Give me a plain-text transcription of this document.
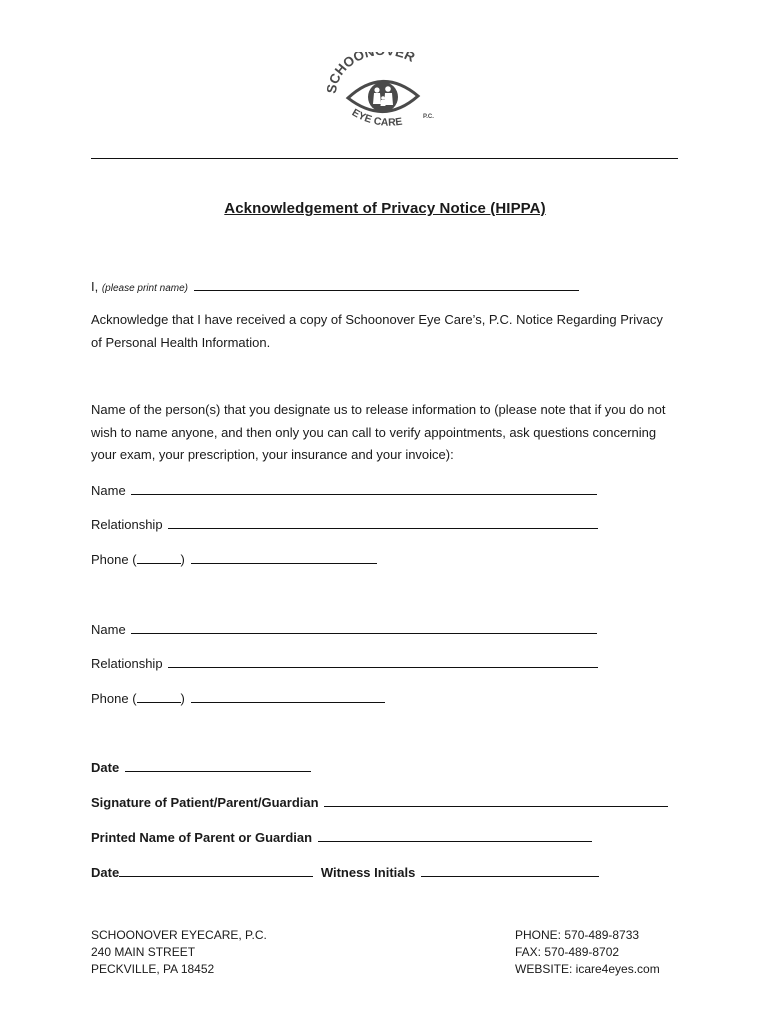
CHOON ER
EYE CARE	P.C.
Acknowledgement of Privacy Notice (HIPPA)
I, (please print name)
Acknowledge that I have received a copy of Schoonover Eye Care’s, P.C. Notice Regarding Privacy of Personal Health Information.
Name of the person(s) that you designate us to release information to (please note that if you do not wish to name anyone, and then only you can call to verify appointments, ask questions concerning your exam, your prescription, your insurance and your invoice):
Name
Relationship
Phone (	)
Name
Relationship
Phone (	)
Date
Signature of Patient/Parent/Guardian
Printed Name of Parent or Guardian
Date	Witness Initials
SCHOONOVER EYECARE, P.C.
240 MAIN STREET
PECKVILLE, PA 18452
PHONE: 570-489-8733
FAX: 570-489-8702
WEBSITE: icare4eyes.com
